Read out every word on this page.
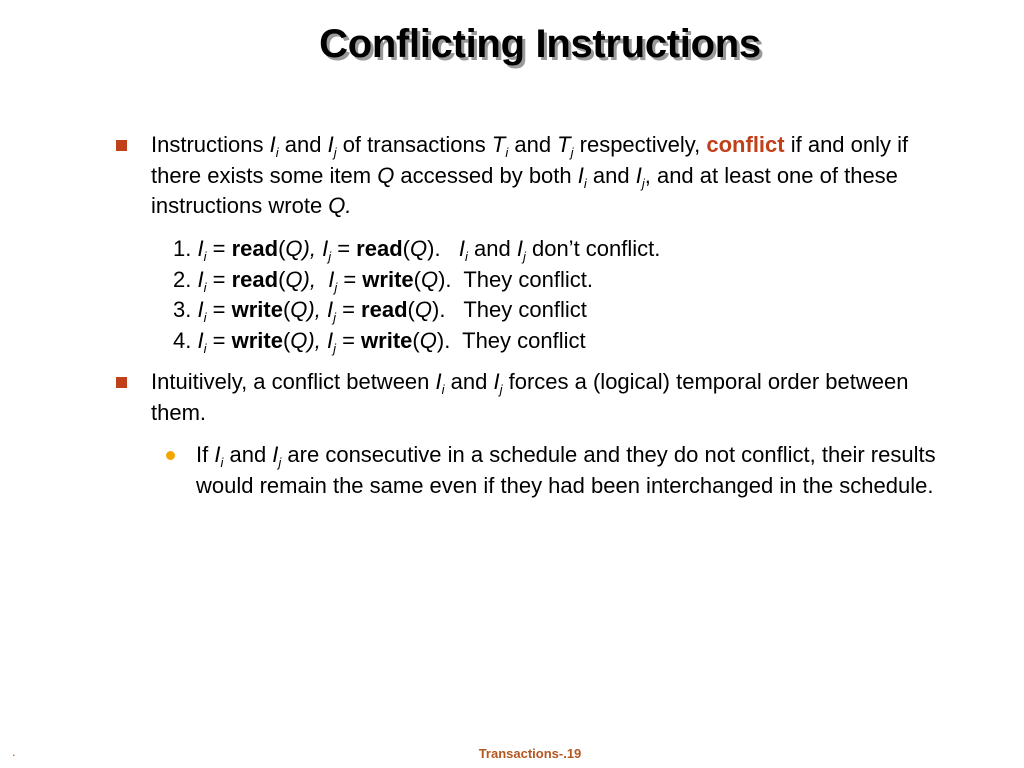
Conflicting Instructions
Instructions $I_i$ and $I_j$ of transactions $T_i$ and $T_j$ respectively, conflict if and only if there exists some item Q accessed by both $I_i$ and $I_j$, and at least one of these instructions wrote Q.
1. $I_i$ = read(Q), $I_j$ = read(Q).   $I_i$ and $I_j$ don’t conflict.
2. $I_i$ = read(Q),  $I_j$ = write(Q).  They conflict.
3. $I_i$ = write(Q), $I_j$ = read(Q).   They conflict
4. $I_i$ = write(Q), $I_j$ = write(Q).  They conflict
Intuitively, a conflict between $I_i$ and $I_j$ forces a (logical) temporal order between them.
If $I_i$ and $I_j$ are consecutive in a schedule and they do not conflict, their results would remain the same even if they had been interchanged in the schedule.
.	Transactions-.19
